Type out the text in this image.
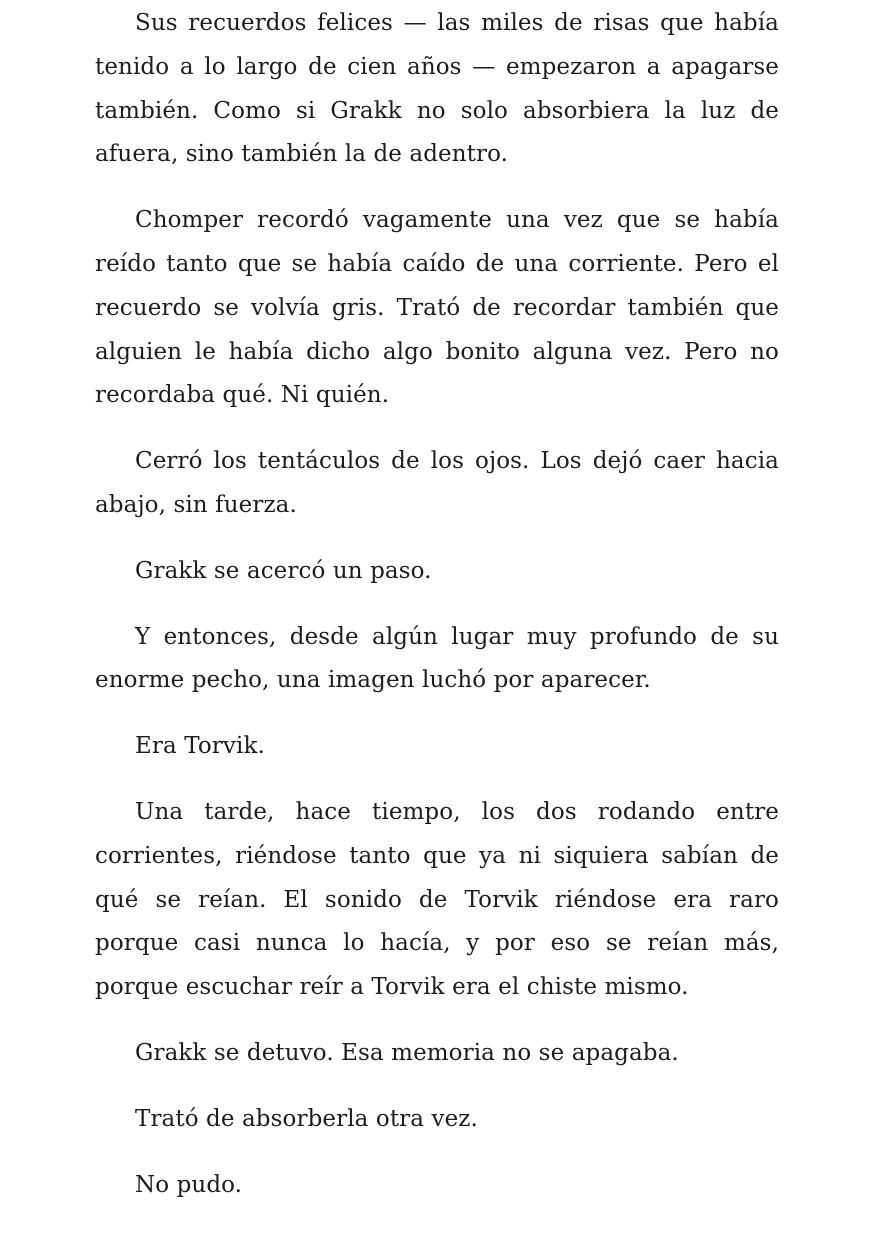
Sus recuerdos felices — las miles de risas que había tenido a lo largo de cien años — empezaron a apagarse también. Como si Grakk no solo absorbiera la luz de afuera, sino también la de adentro.

Chomper recordó vagamente una vez que se había reído tanto que se había caído de una corriente. Pero el recuerdo se volvía gris. Trató de recordar también que alguien le había dicho algo bonito alguna vez. Pero no recordaba qué. Ni quién.

Cerró los tentáculos de los ojos. Los dejó caer hacia abajo, sin fuerza.

Grakk se acercó un paso.

Y entonces, desde algún lugar muy profundo de su enorme pecho, una imagen luchó por aparecer.

Era Torvik.

Una tarde, hace tiempo, los dos rodando entre corrientes, riéndose tanto que ya ni siquiera sabían de qué se reían. El sonido de Torvik riéndose era raro porque casi nunca lo hacía, y por eso se reían más, porque escuchar reír a Torvik era el chiste mismo.

Grakk se detuvo. Esa memoria no se apagaba.

Trató de absorberla otra vez.

No pudo.
